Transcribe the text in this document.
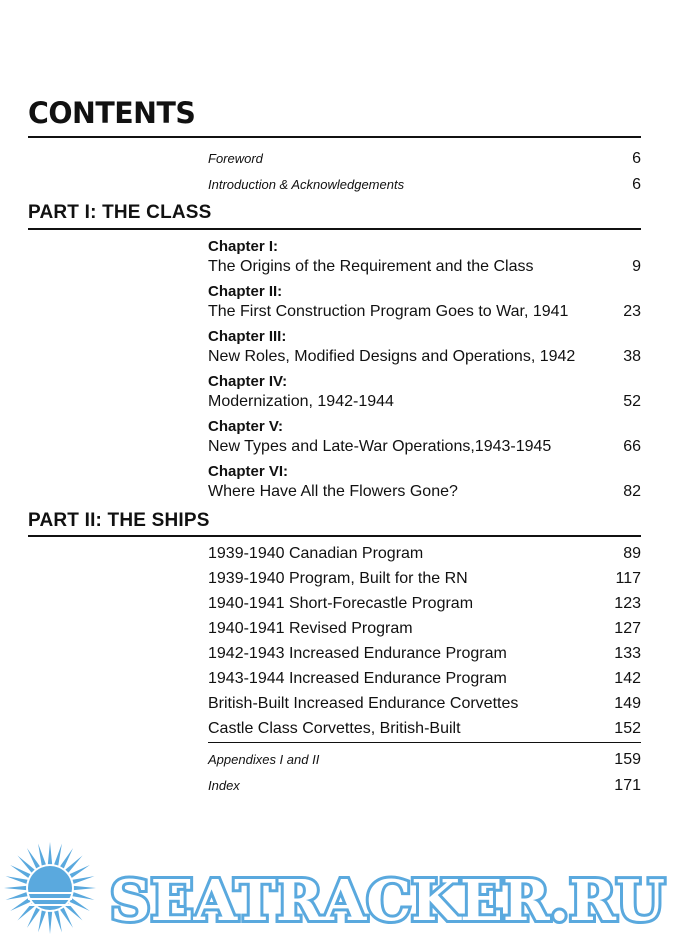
CONTENTS
Foreword	6
Introduction & Acknowledgements	6
PART I: THE CLASS
Chapter I:
The Origins of the Requirement and the Class	9
Chapter II:
The First Construction Program Goes to War, 1941	23
Chapter III:
New Roles, Modified Designs and Operations, 1942	38
Chapter IV:
Modernization, 1942-1944	52
Chapter V:
New Types and Late-War Operations,1943-1945	66
Chapter VI:
Where Have All the Flowers Gone?	82
PART II: THE SHIPS
1939-1940 Canadian Program	89
1939-1940 Program, Built for the RN	117
1940-1941 Short-Forecastle Program	123
1940-1941 Revised Program	127
1942-1943 Increased Endurance Program	133
1943-1944 Increased Endurance Program	142
British-Built Increased Endurance Corvettes	149
Castle Class Corvettes, British-Built	152
Appendixes I and II	159
Index	171
SEATRACKER.RU
